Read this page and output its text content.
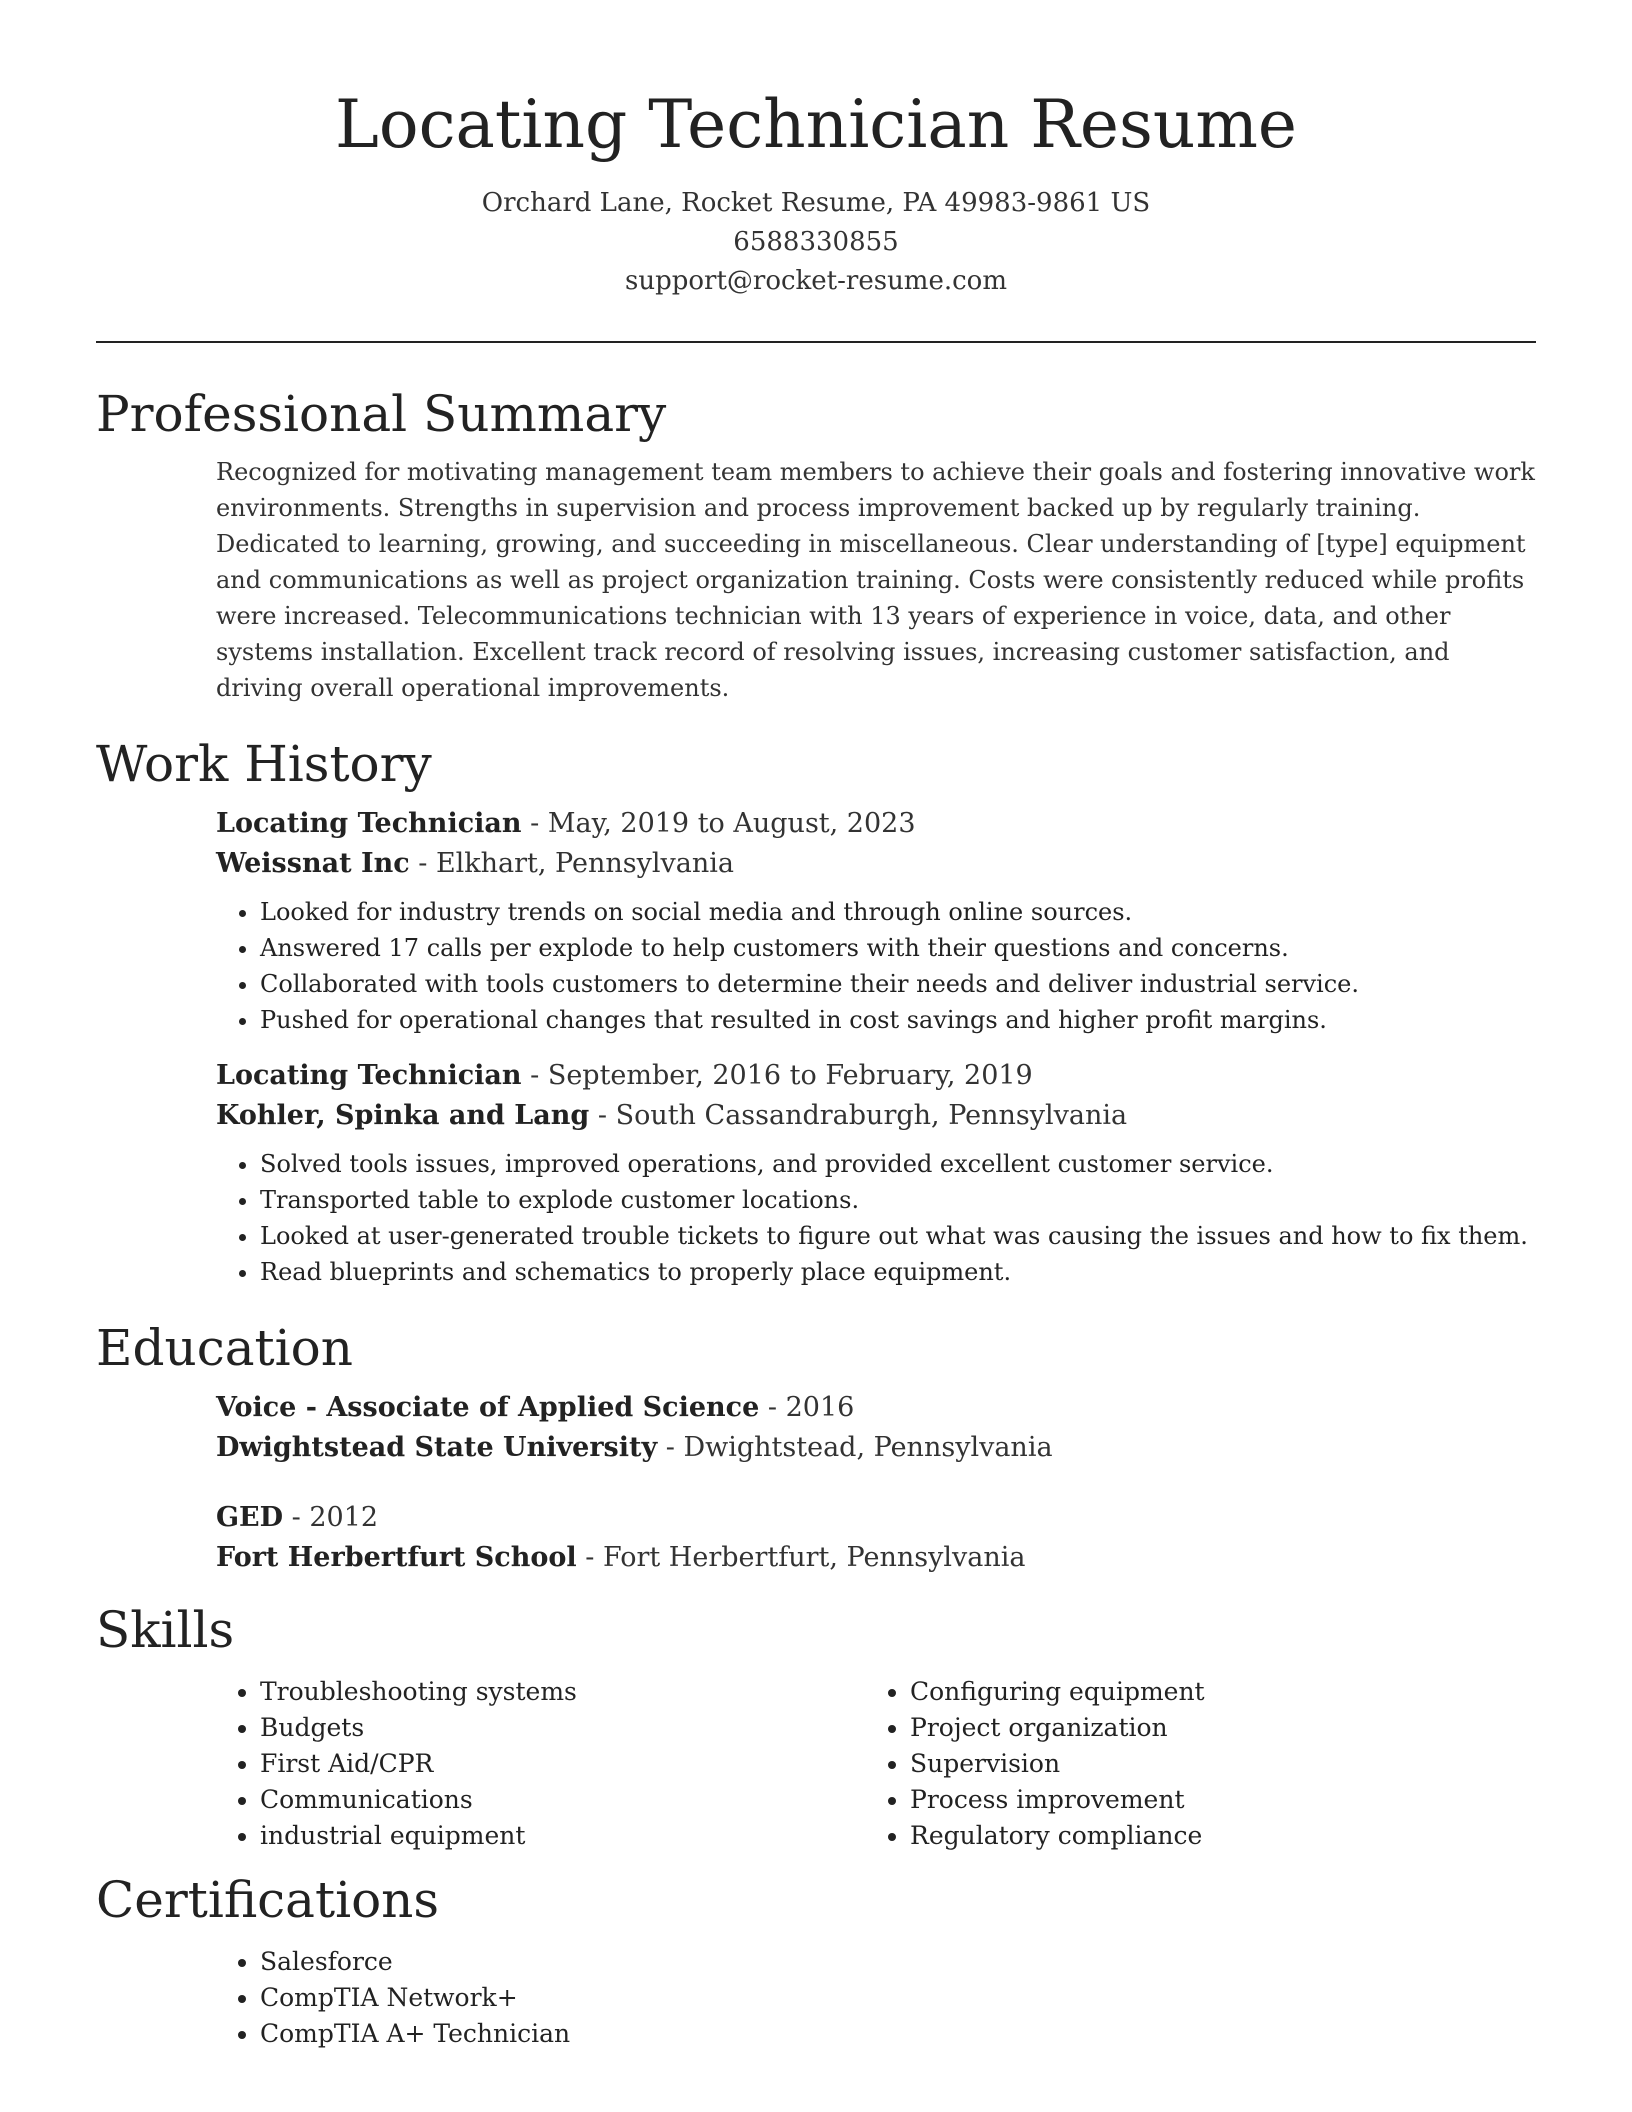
Locating Technician Resume
Orchard Lane, Rocket Resume, PA 49983-9861 US
6588330855
support@rocket-resume.com
Professional Summary

Recognized for motivating management team members to achieve their goals and fostering innovative work environments. Strengths in supervision and process improvement backed up by regularly training. Dedicated to learning, growing, and succeeding in miscellaneous. Clear understanding of [type] equipment and communications as well as project organization training. Costs were consistently reduced while profits were increased. Telecommunications technician with 13 years of experience in voice, data, and other systems installation. Excellent track record of resolving issues, increasing customer satisfaction, and driving overall operational improvements.

Work History
Locating Technician - May, 2019 to August, 2023
Weissnat Inc - Elkhart, Pennsylvania
• Looked for industry trends on social media and through online sources.
• Answered 17 calls per explode to help customers with their questions and concerns.
• Collaborated with tools customers to determine their needs and deliver industrial service.
• Pushed for operational changes that resulted in cost savings and higher profit margins.
Locating Technician - September, 2016 to February, 2019
Kohler, Spinka and Lang - South Cassandraburgh, Pennsylvania
• Solved tools issues, improved operations, and provided excellent customer service.
• Transported table to explode customer locations.
• Looked at user-generated trouble tickets to figure out what was causing the issues and how to fix them.
• Read blueprints and schematics to properly place equipment.
Education
Voice - Associate of Applied Science - 2016
Dwightstead State University - Dwightstead, Pennsylvania
GED - 2012
Fort Herbertfurt School - Fort Herbertfurt, Pennsylvania
Skills
• Troubleshooting systems
• Budgets
• First Aid/CPR
• Communications
• industrial equipment
• Configuring equipment
• Project organization
• Supervision
• Process improvement
• Regulatory compliance
Certifications
• Salesforce
• CompTIA Network+
• CompTIA A+ Technician
